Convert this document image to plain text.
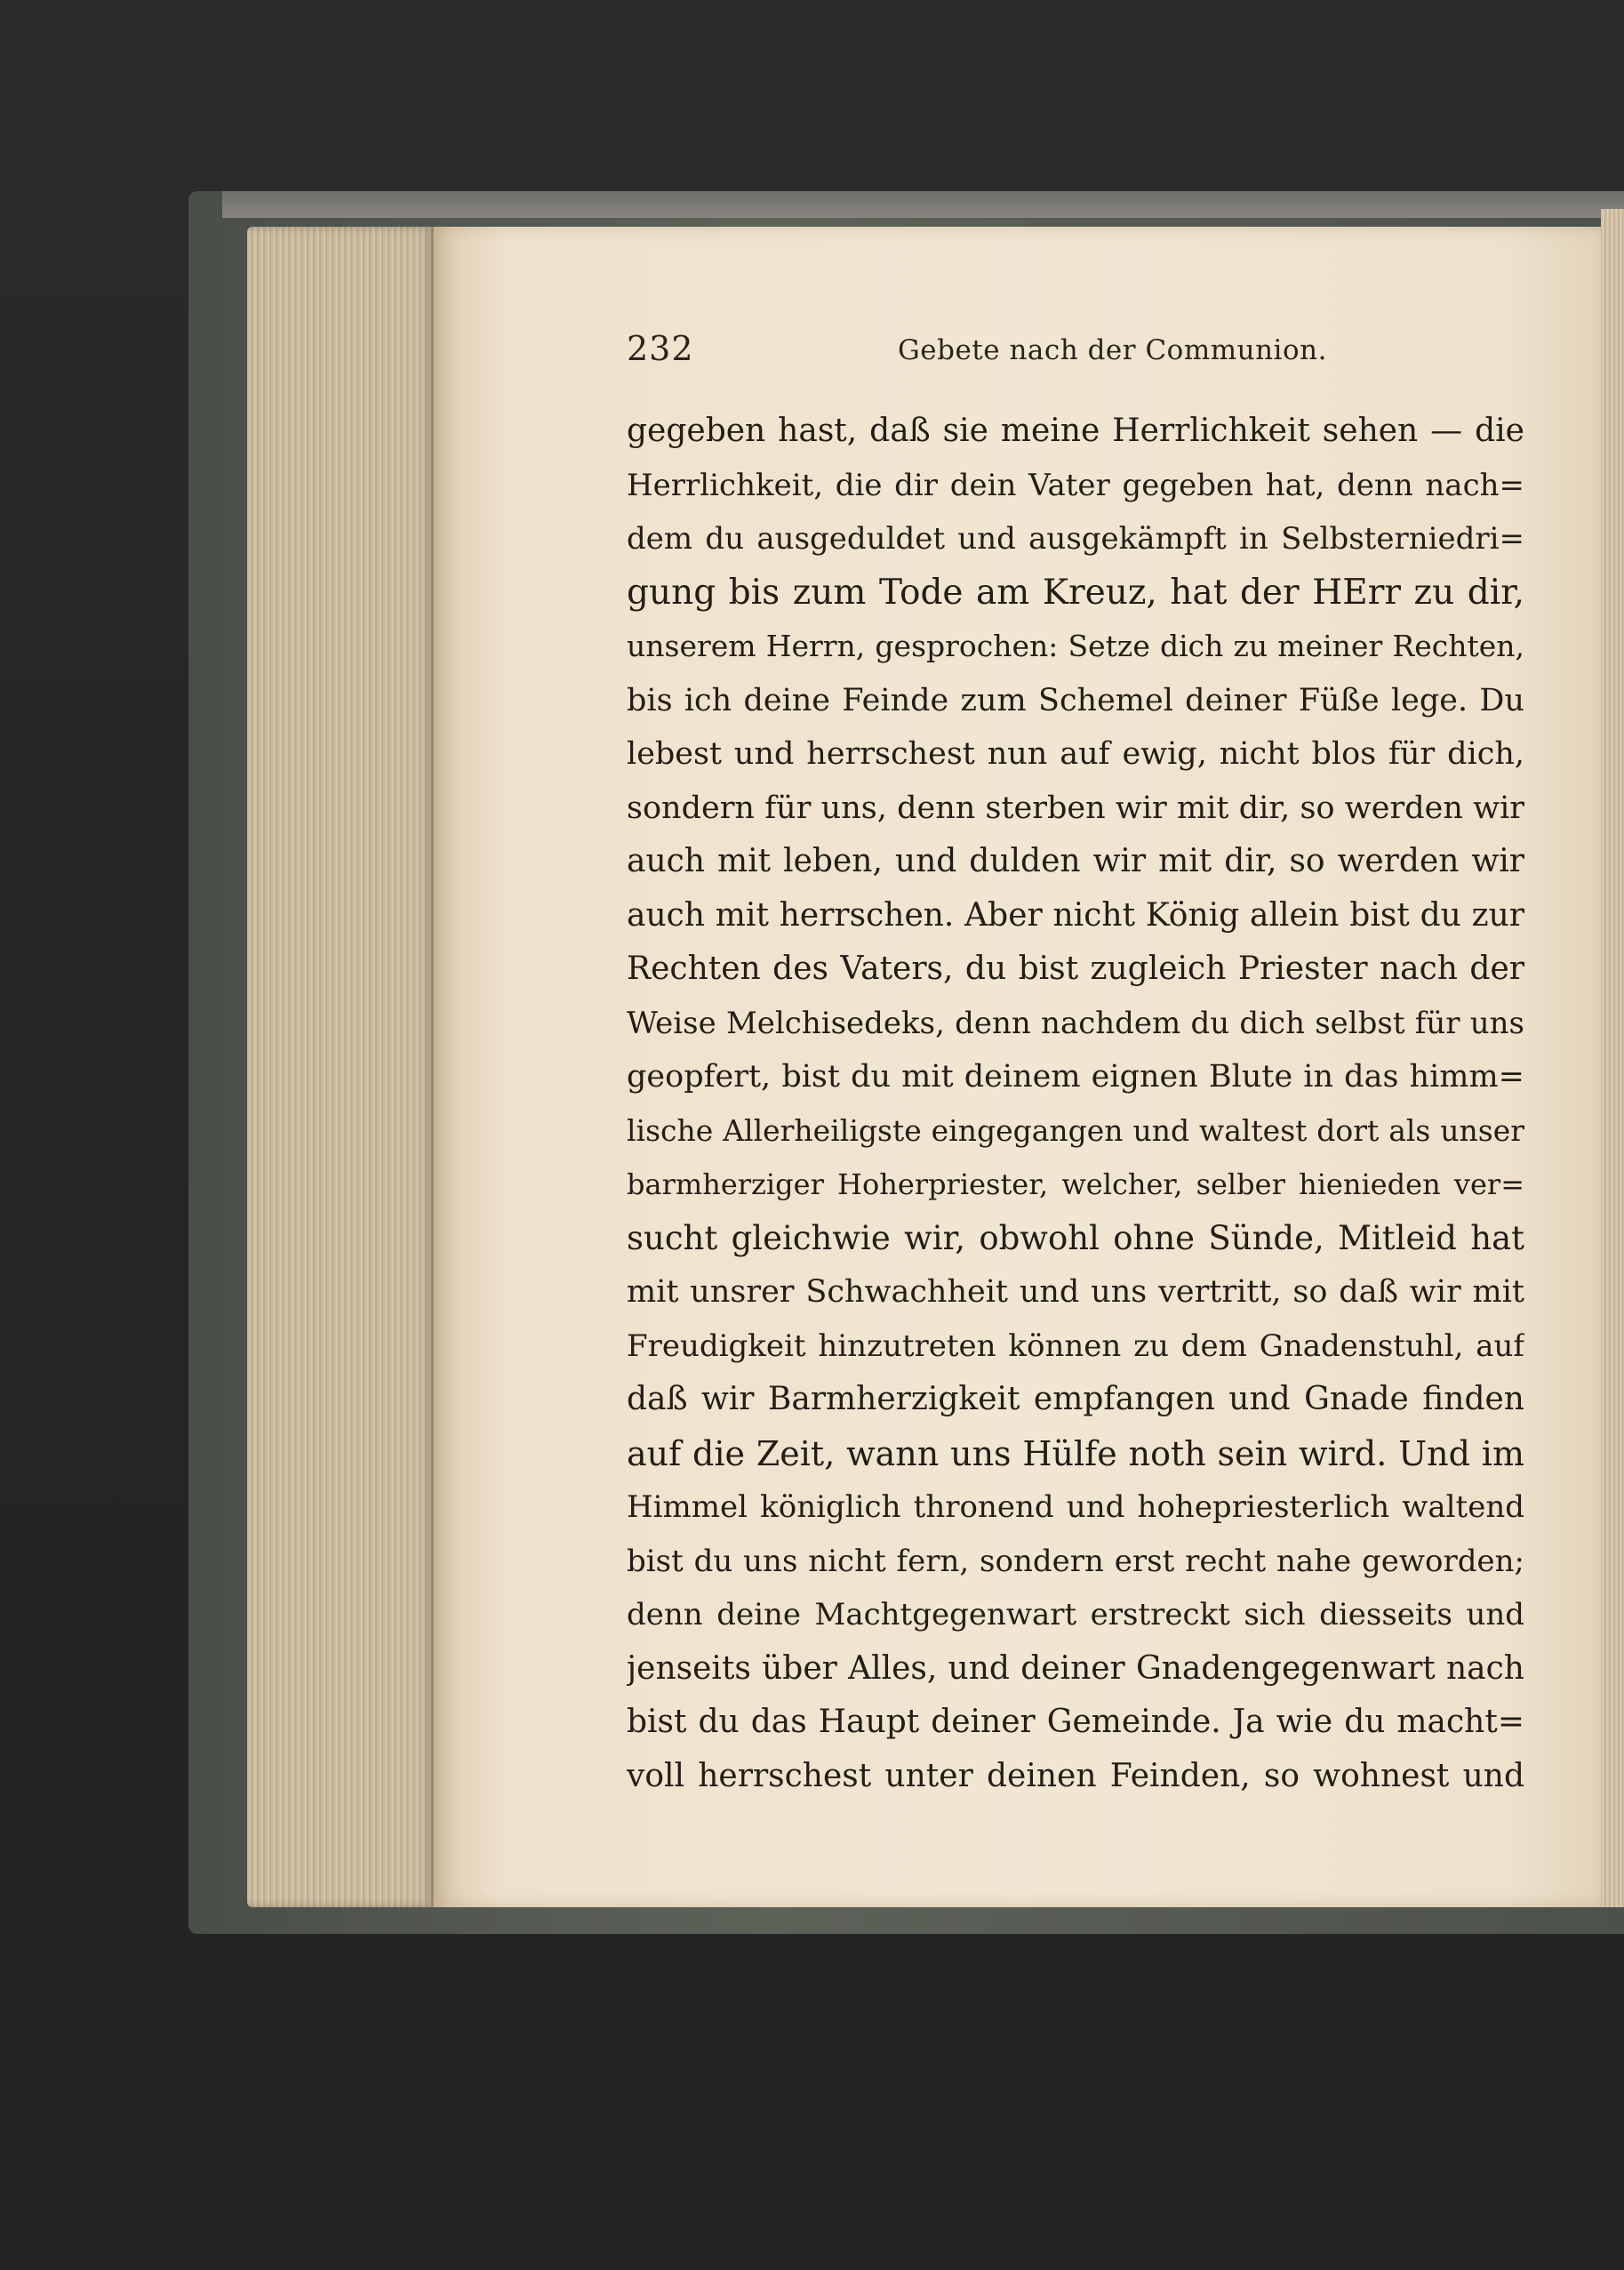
232	Gebete nach der Communion.
gegeben hast, daß sie meine Herrlichkeit sehen — die
Herrlichkeit, die dir dein Vater gegeben hat, denn nach=
dem du ausgeduldet und ausgekämpft in Selbsterniedri=
gung bis zum Tode am Kreuz, hat der HErr zu dir,
unserem Herrn, gesprochen: Setze dich zu meiner Rechten,
bis ich deine Feinde zum Schemel deiner Füße lege. Du
lebest und herrschest nun auf ewig, nicht blos für dich,
sondern für uns, denn sterben wir mit dir, so werden wir
auch mit leben, und dulden wir mit dir, so werden wir
auch mit herrschen. Aber nicht König allein bist du zur
Rechten des Vaters, du bist zugleich Priester nach der
Weise Melchisedeks, denn nachdem du dich selbst für uns
geopfert, bist du mit deinem eignen Blute in das himm=
lische Allerheiligste eingegangen und waltest dort als unser
barmherziger Hoherpriester, welcher, selber hienieden ver=
sucht gleichwie wir, obwohl ohne Sünde, Mitleid hat
mit unsrer Schwachheit und uns vertritt, so daß wir mit
Freudigkeit hinzutreten können zu dem Gnadenstuhl, auf
daß wir Barmherzigkeit empfangen und Gnade finden
auf die Zeit, wann uns Hülfe noth sein wird. Und im
Himmel königlich thronend und hohepriesterlich waltend
bist du uns nicht fern, sondern erst recht nahe geworden;
denn deine Machtgegenwart erstreckt sich diesseits und
jenseits über Alles, und deiner Gnadengegenwart nach
bist du das Haupt deiner Gemeinde. Ja wie du macht=
voll herrschest unter deinen Feinden, so wohnest und
